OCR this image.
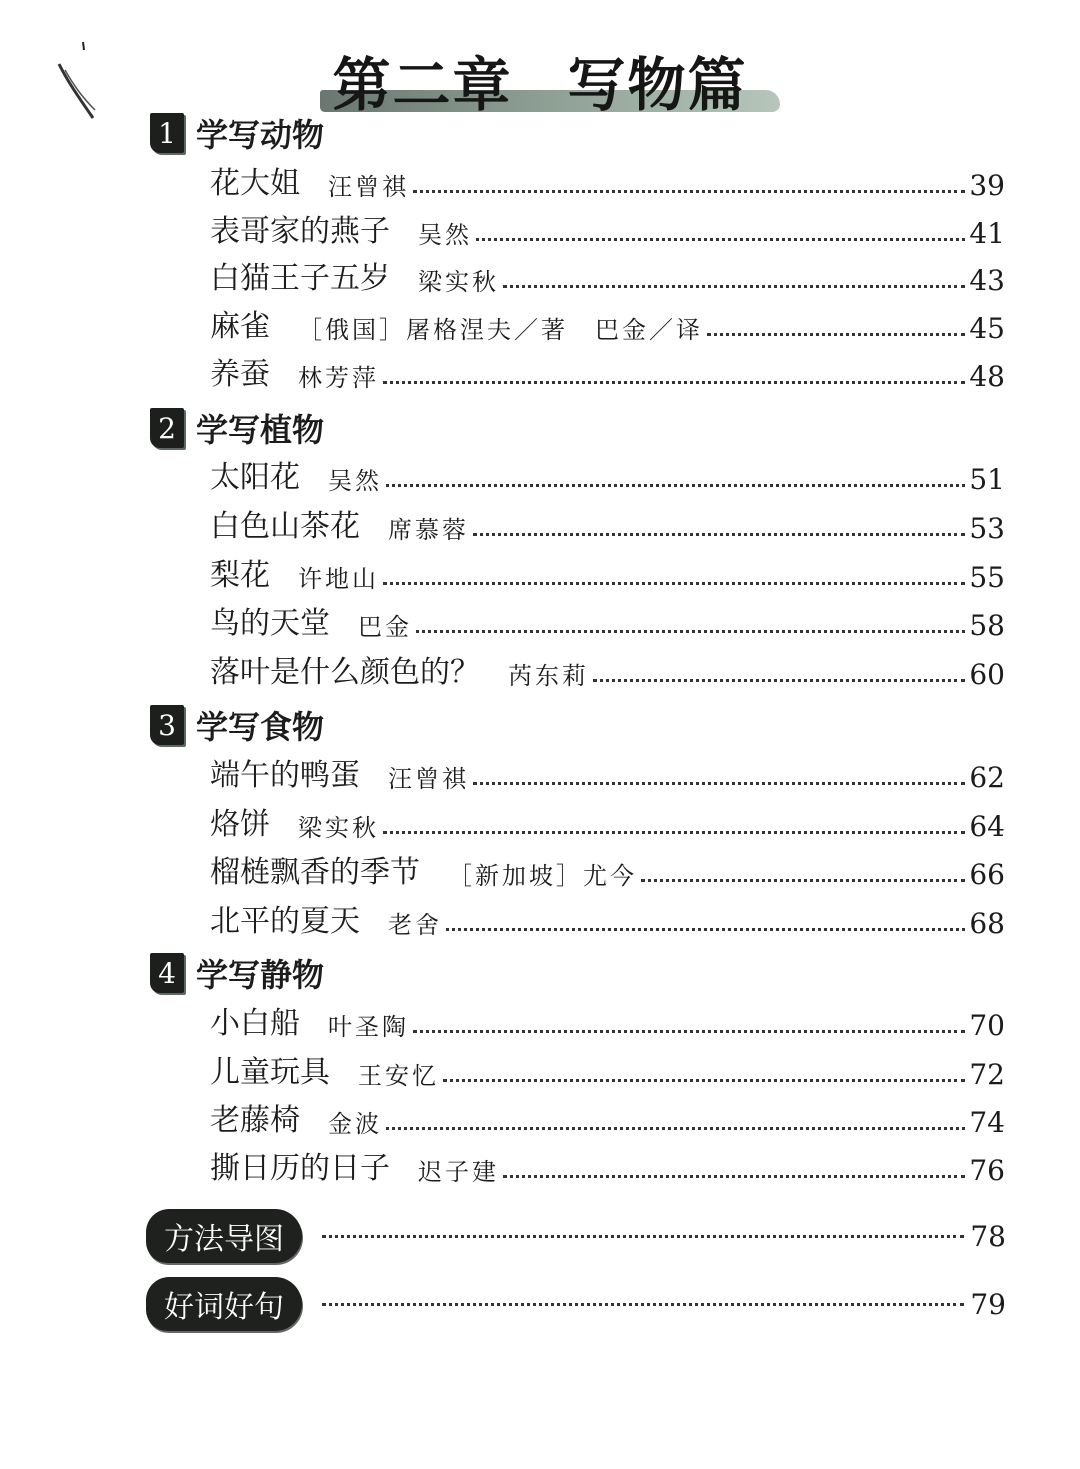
第二章 写物篇
1 学写动物
花大姐 汪曾祺	39
表哥家的燕子 吴然	41
白猫王子五岁 梁实秋	43
麻雀 ［俄国］屠格涅夫／著　巴金／译	45
养蚕 林芳萍	48
2 学写植物
太阳花 吴然	51
白色山茶花 席慕蓉	53
梨花 许地山	55
鸟的天堂 巴金	58
落叶是什么颜色的？ 芮东莉	60
3 学写食物
端午的鸭蛋 汪曾祺	62
烙饼 梁实秋	64
榴梿飘香的季节 ［新加坡］尤今	66
北平的夏天 老舍	68
4 学写静物
小白船 叶圣陶	70
儿童玩具 王安忆	72
老藤椅 金波	74
撕日历的日子 迟子建	76
方法导图	78
好词好句	79
